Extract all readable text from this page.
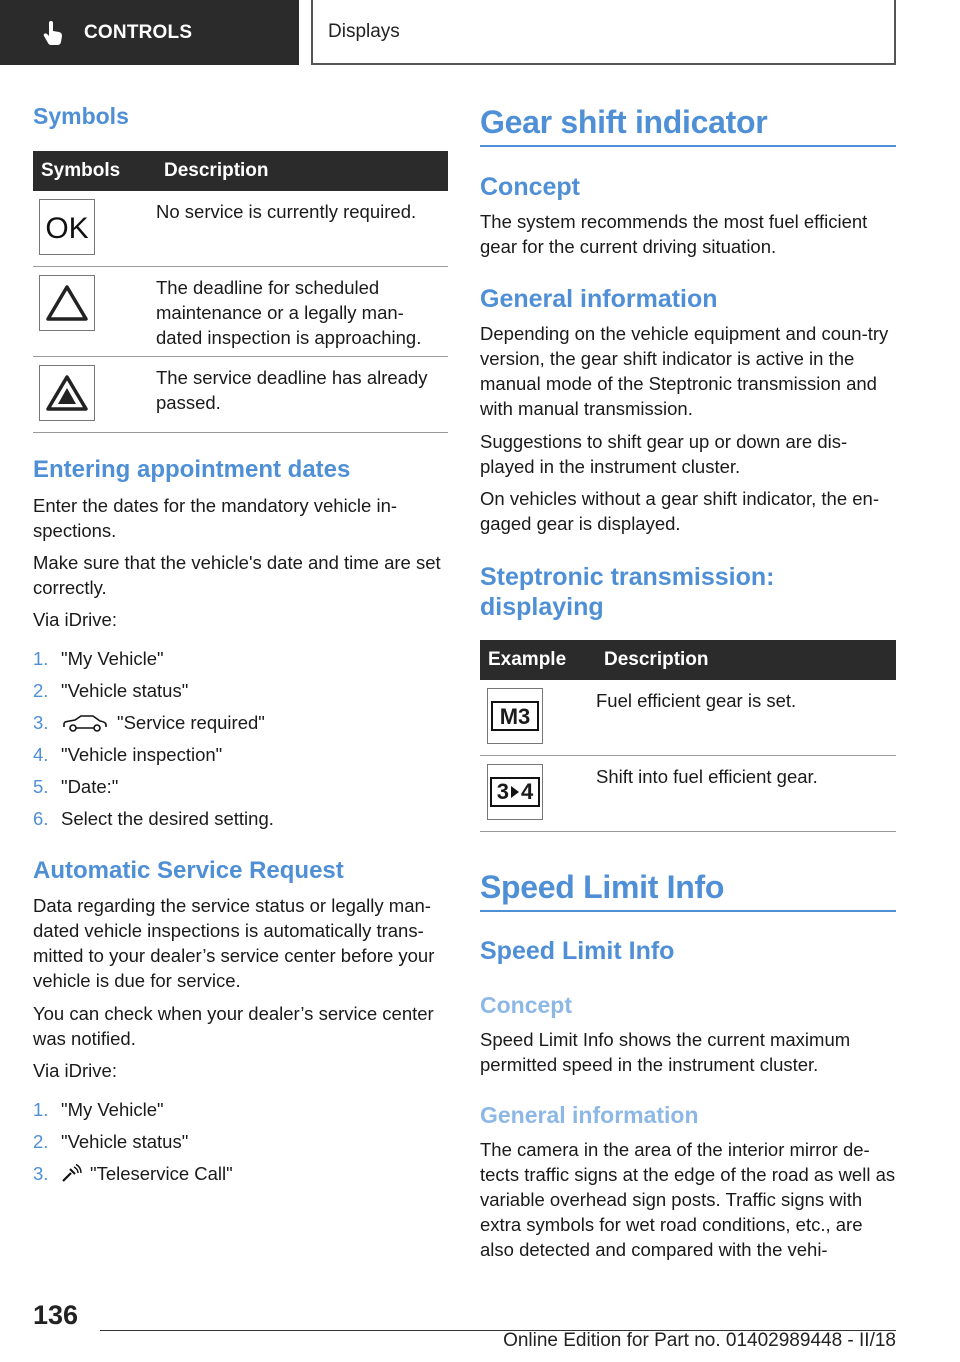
CONTROLS	Displays
Symbols
Symbols	Description

OK	No service is currently required.

	The deadline for scheduled maintenance or a legally man-dated inspection is approaching.

	The service deadline has already passed.
Entering appointment dates

Enter the dates for the mandatory vehicle in-spections.

Make sure that the vehicle's date and time are set correctly.

Via iDrive:

1. "My Vehicle"
2. "Vehicle status"
3.	"Service required"
4. "Vehicle inspection"
5. "Date:"
6. Select the desired setting.
Automatic Service Request

Data regarding the service status or legally man-dated vehicle inspections is automatically trans-mitted to your dealer’s service center before your vehicle is due for service.

You can check when your dealer’s service center was notified.

Via iDrive:

1. "My Vehicle"
2. "Vehicle status"
3.	"Teleservice Call"
Gear shift indicator
Concept

The system recommends the most fuel efficient gear for the current driving situation.

General information

Depending on the vehicle equipment and coun-try version, the gear shift indicator is active in the manual mode of the Steptronic transmission and with manual transmission.

Suggestions to shift gear up or down are dis-played in the instrument cluster.

On vehicles without a gear shift indicator, the en-gaged gear is displayed.

Steptronic transmission:
displaying
Example	Description

M3	Fuel efficient gear is set.

3 4	Shift into fuel efficient gear.
Speed Limit Info
Speed Limit Info
Concept

Speed Limit Info shows the current maximum permitted speed in the instrument cluster.

General information

The camera in the area of the interior mirror de-tects traffic signs at the edge of the road as well as variable overhead sign posts. Traffic signs with extra symbols for wet road conditions, etc., are also detected and compared with the vehi-

136
Online Edition for Part no. 01402989448 - II/18
